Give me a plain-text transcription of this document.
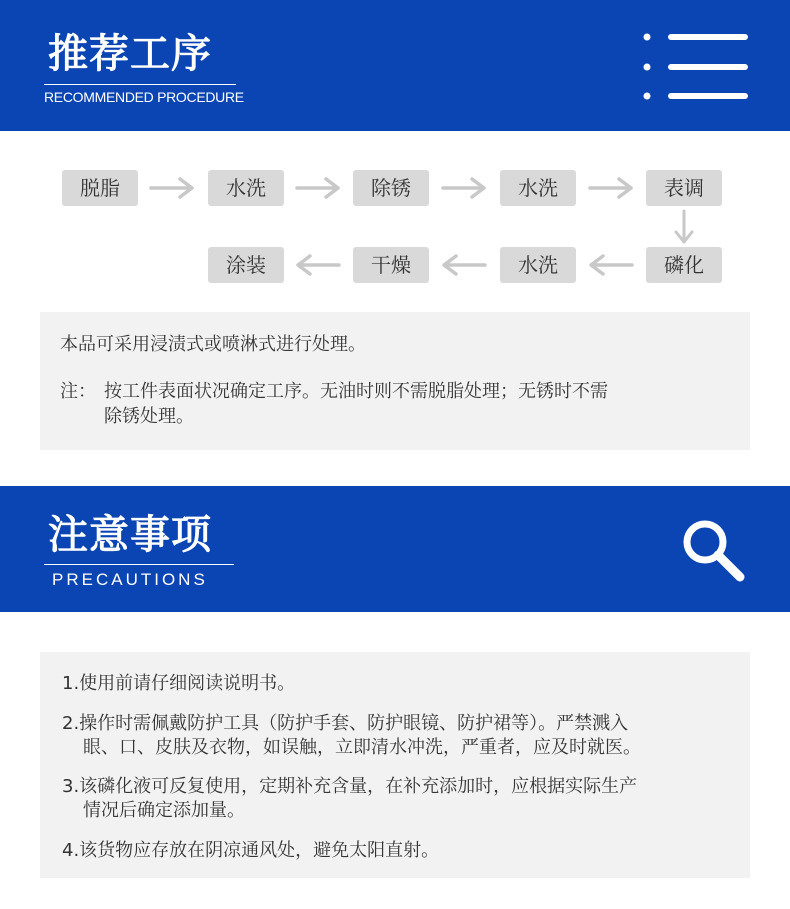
推荐工序
RECOMMENDED PROCEDURE
脱脂	水洗	除锈	水洗	表调
涂装	干燥	水洗	磷化
本品可采用浸渍式或喷淋式进行处理。
注： 按工件表面状况确定工序。无油时则不需脱脂处理；无锈时不需
除锈处理。
注意事项
PRECAUTIONS
1.使用前请仔细阅读说明书。
2.操作时需佩戴防护工具（防护手套、防护眼镜、防护裙等）。严禁溅入
眼、口、皮肤及衣物，如误触，立即清水冲洗，严重者，应及时就医。
3.该磷化液可反复使用，定期补充含量，在补充添加时，应根据实际生产
情况后确定添加量。
4.该货物应存放在阴凉通风处，避免太阳直射。
